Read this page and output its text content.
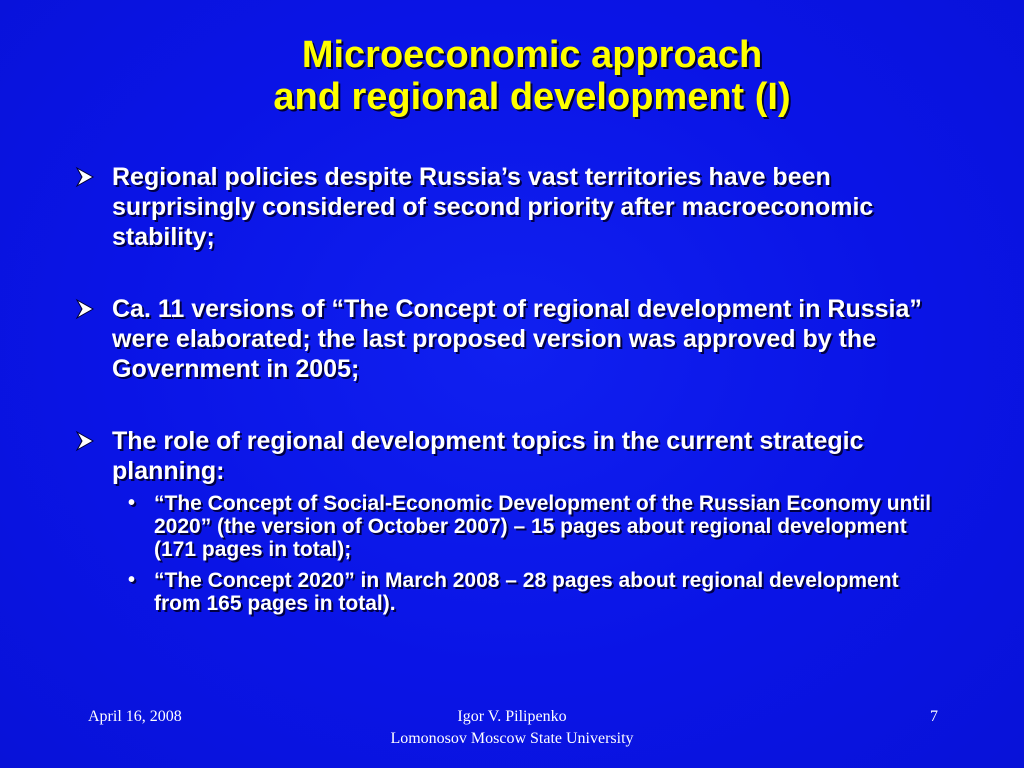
Microeconomic approach
and regional development (I)
Regional policies despite Russia’s vast territories have been surprisingly considered of second priority after macroeconomic stability;
Ca. 11 versions of “The Concept of regional development in Russia” were elaborated; the last proposed version was approved by the Government in 2005;
The role of regional development topics in the current strategic planning:
• “The Concept of Social-Economic Development of the Russian Economy until 2020” (the version of October 2007) – 15 pages about regional development (171 pages in total);
• “The Concept 2020” in March 2008 – 28 pages about regional development from 165 pages in total).
April 16, 2008	Igor V. Pilipenko
Lomonosov Moscow State University
7
